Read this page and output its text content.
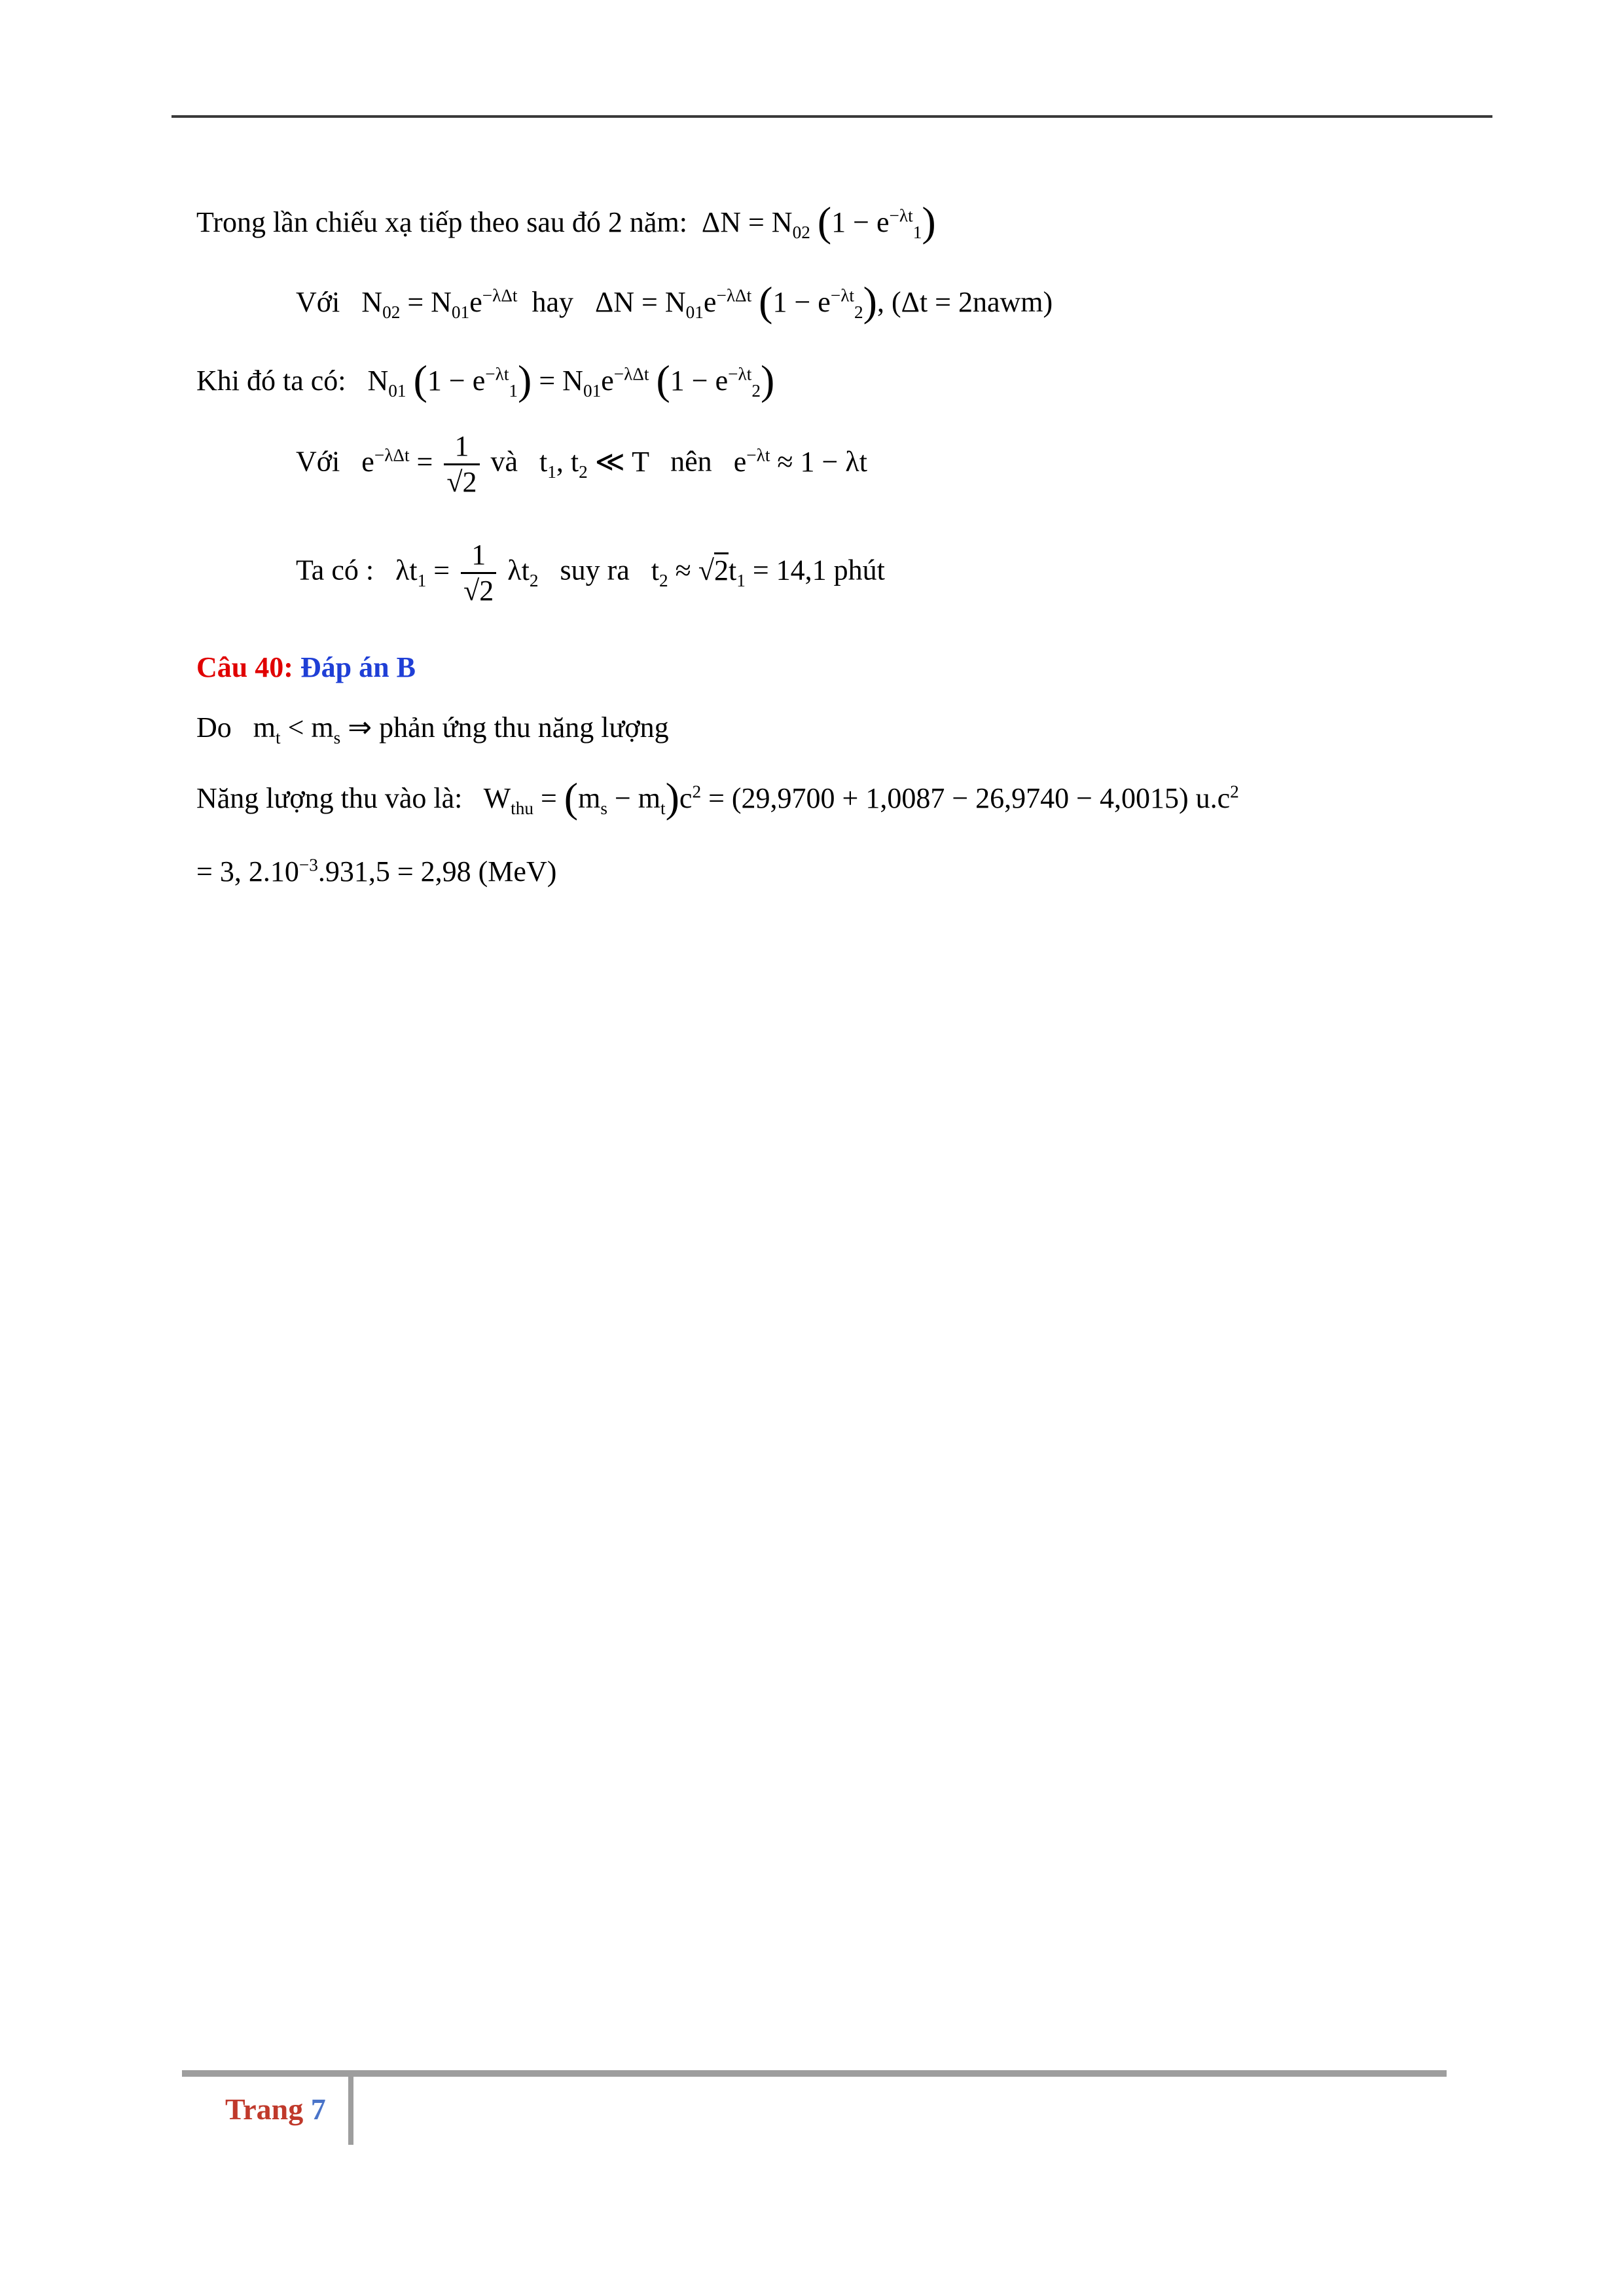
Trong lần chiếu xạ tiếp theo sau đó 2 năm:  $\Delta N = N_{02}$ $(1 - e^{-\lambda t}_1)$
Với   $N_{02} = N_{01}e^{-\lambda\Delta t}$ hay   $\Delta N = N_{01}e^{-\lambda\Delta t}$ $(1 - e^{-\lambda t}_2)$, (Δt = 2nawm)
Khi đó ta có:   $N_{01}$ $(1 - e^{-\lambda t}_1) = N_{01}e^{-\lambda\Delta t}$ $(1 - e^{-\lambda t}_2)$
Với   $e^{-\lambda\Delta t} = \frac{1}{√2}$ và   $t_1$, $t_2$ ≪ T   nên   $e^{-\lambda t} \approx 1 - \lambda t$
Ta có :   $\lambda t_1 = \frac{1}{√2} \lambda t_2$ suy ra   $t_2 \approx √2t_1 = 14,1$ phút
Câu 40: Đáp án B
Do   $m_t < m_s$ ⇒ phản ứng thu năng lượng
Năng lượng thu vào là:   $W_{thu} = (m_s - m_t)c^2 = (29,9700 + 1,0087 - 26,9740 - 4,0015)$ $u.c^2$
= 3, $2.10^{-3}.931,5 = 2,98$ (MeV)
Trang 7
